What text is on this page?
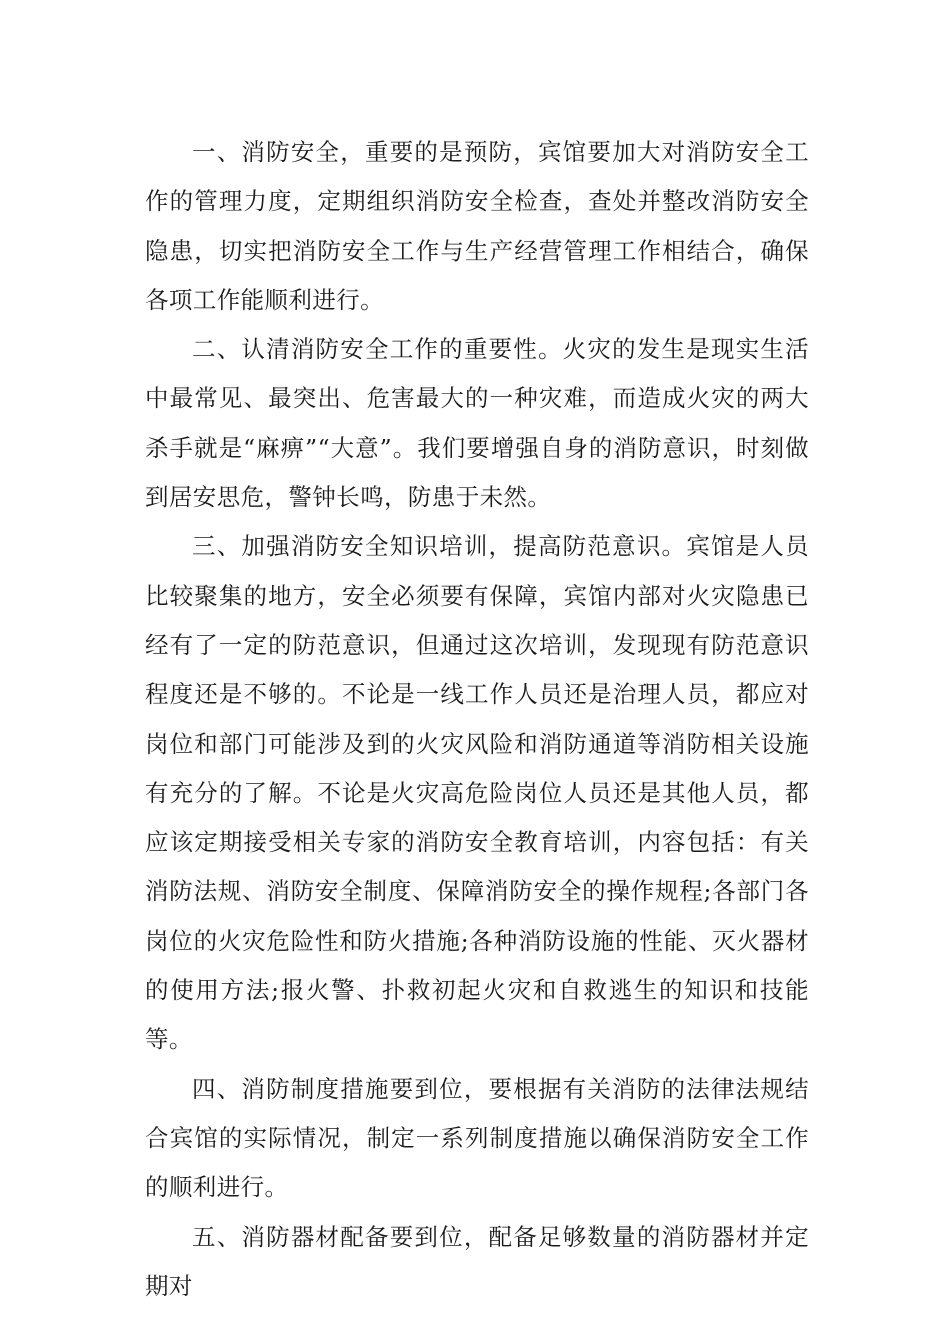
一、消防安全，重要的是预防，宾馆要加大对消防安全工作的管理力度，定期组织消防安全检查，查处并整改消防安全隐患，切实把消防安全工作与生产经营管理工作相结合，确保各项工作能顺利进行。

二、认清消防安全工作的重要性。火灾的发生是现实生活中最常见、最突出、危害最大的一种灾难，而造成火灾的两大杀手就是“麻痹”“大意”。我们要增强自身的消防意识，时刻做到居安思危，警钟长鸣，防患于未然。

三、加强消防安全知识培训，提高防范意识。宾馆是人员比较聚集的地方，安全必须要有保障，宾馆内部对火灾隐患已经有了一定的防范意识，但通过这次培训，发现现有防范意识程度还是不够的。不论是一线工作人员还是治理人员，都应对岗位和部门可能涉及到的火灾风险和消防通道等消防相关设施有充分的了解。不论是火灾高危险岗位人员还是其他人员，都应该定期接受相关专家的消防安全教育培训，内容包括：有关消防法规、消防安全制度、保障消防安全的操作规程;各部门各岗位的火灾危险性和防火措施;各种消防设施的性能、灭火器材的使用方法;报火警、扑救初起火灾和自救逃生的知识和技能等。

四、消防制度措施要到位，要根据有关消防的法律法规结合宾馆的实际情况，制定一系列制度措施以确保消防安全工作的顺利进行。

五、消防器材配备要到位，配备足够数量的消防器材并定期对
